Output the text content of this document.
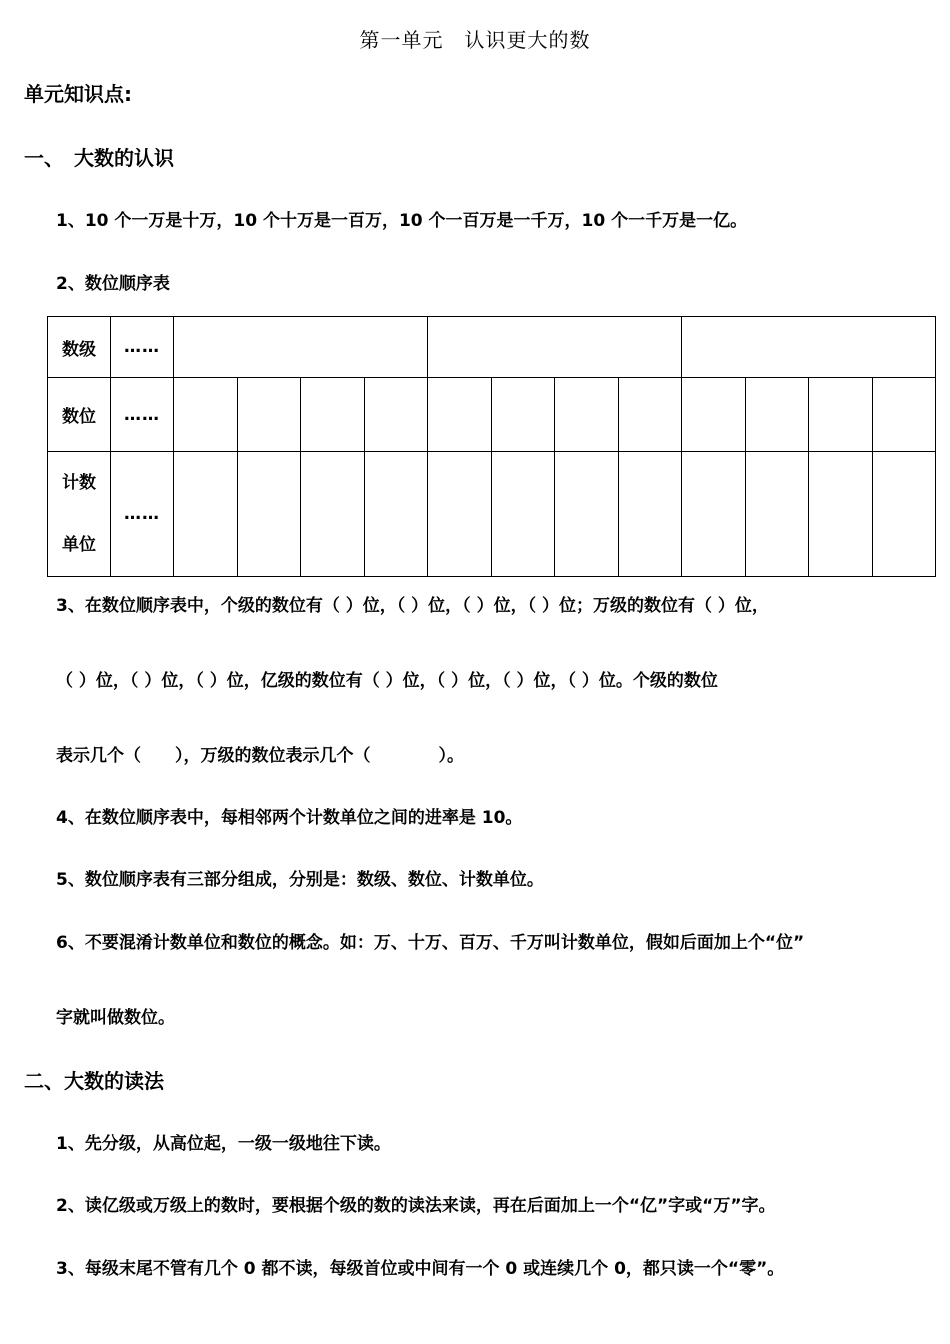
第一单元　认识更大的数
单元知识点:
一、　大数的认识
1、10 个一万是十万，10 个十万是一百万，10 个一百万是一千万，10 个一千万是一亿。
2、数位顺序表
数级	……												
数位	……												

计数
单位	……												
3、在数位顺序表中，个级的数位有（ ）位，（ ）位，（ ）位，（ ）位；万级的数位有（ ）位，
（ ）位，（ ）位，（ ）位，亿级的数位有（ ）位，（ ）位，（ ）位，（ ）位。个级的数位
表示几个（　　），万级的数位表示几个（　　　　）。
4、在数位顺序表中，每相邻两个计数单位之间的进率是 10。
5、数位顺序表有三部分组成，分别是：数级、数位、计数单位。
6、不要混淆计数单位和数位的概念。如：万、十万、百万、千万叫计数单位，假如后面加上个“位”
字就叫做数位。
二、大数的读法
1、先分级，从高位起，一级一级地往下读。
2、读亿级或万级上的数时，要根据个级的数的读法来读，再在后面加上一个“亿”字或“万”字。
3、每级末尾不管有几个 0 都不读，每级首位或中间有一个 0 或连续几个 0，都只读一个“零”。
